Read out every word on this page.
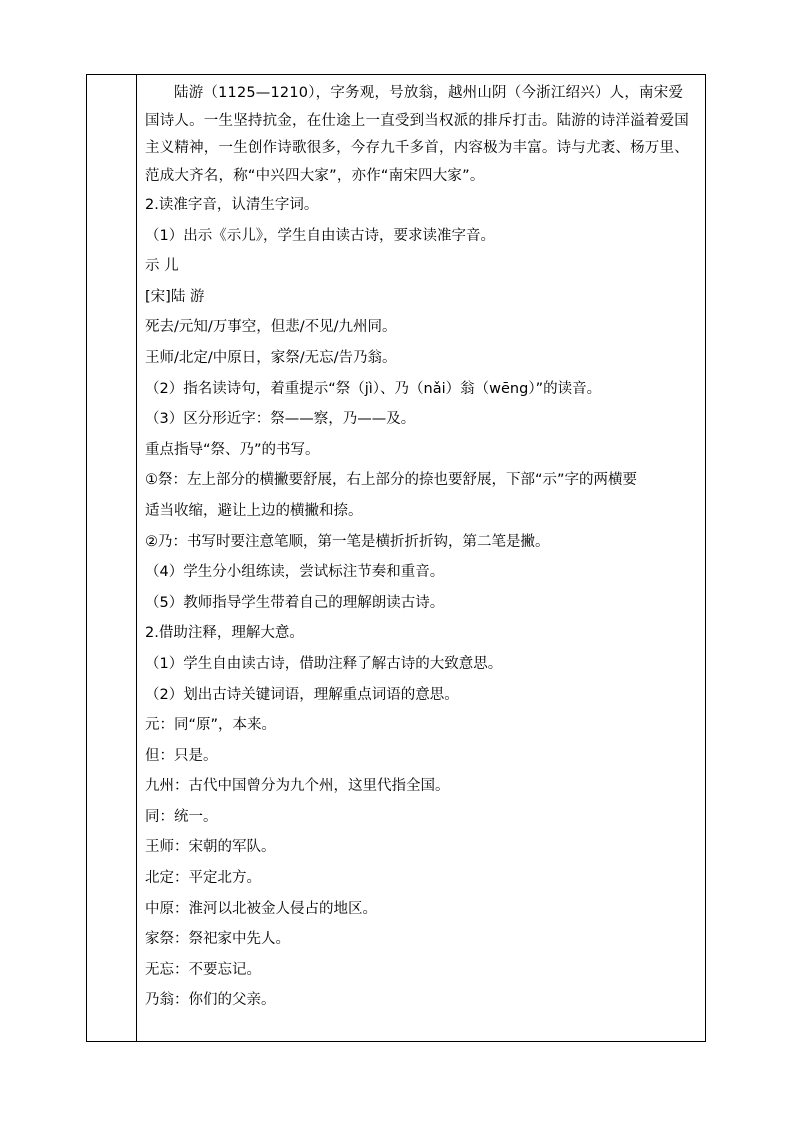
陆游（1125—1210），字务观，号放翁，越州山阴（今浙江绍兴）人，南宋爱国诗人。一生坚持抗金，在仕途上一直受到当权派的排斥打击。陆游的诗洋溢着爱国主义精神，一生创作诗歌很多，今存九千多首，内容极为丰富。诗与尤袤、杨万里、范成大齐名，称“中兴四大家”，亦作“南宋四大家”。

2.读准字音，认清生字词。

（1）出示《示儿》，学生自由读古诗，要求读准字音。

示 儿

[宋]陆 游

死去/元知/万事空，但悲/不见/九州同。

王师/北定/中原日，家祭/无忘/告乃翁。

（2）指名读诗句，着重提示“祭（jì）、乃（nǎi）翁（wēng）”的读音。

（3）区分形近字：祭——察，乃——及。

重点指导“祭、乃”的书写。

①祭：左上部分的横撇要舒展，右上部分的捺也要舒展，下部“示”字的两横要

适当收缩，避让上边的横撇和捺。

②乃：书写时要注意笔顺，第一笔是横折折折钩，第二笔是撇。

（4）学生分小组练读，尝试标注节奏和重音。

（5）教师指导学生带着自己的理解朗读古诗。

2.借助注释，理解大意。

（1）学生自由读古诗，借助注释了解古诗的大致意思。

（2）划出古诗关键词语，理解重点词语的意思。

元：同“原”，本来。

但：只是。

九州：古代中国曾分为九个州，这里代指全国。

同：统一。

王师：宋朝的军队。

北定：平定北方。

中原：淮河以北被金人侵占的地区。

家祭：祭祀家中先人。

无忘：不要忘记。

乃翁：你们的父亲。
